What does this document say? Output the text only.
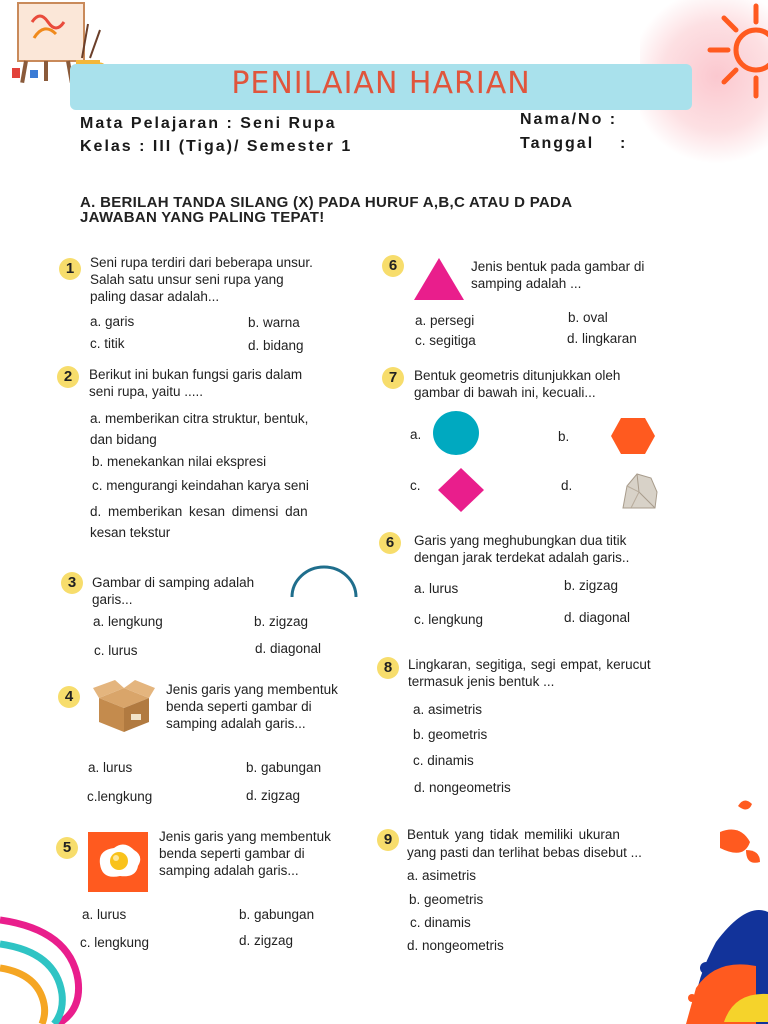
PENILAIAN HARIAN
Mata Pelajaran : Seni Rupa
Kelas : III (Tiga)/ Semester 1
Nama/No :
Tanggal :
A. BERILAH TANDA SILANG (X) PADA HURUF A,B,C ATAU D PADA
JAWABAN YANG PALING TEPAT!
1	Seni rupa terdiri dari beberapa unsur.
Salah satu unsur seni rupa yang
paling dasar adalah...
a. garis	b. warna
c. titik	d. bidang
2	Berikut ini bukan fungsi garis dalam
seni rupa, yaitu .....
a. memberikan citra struktur, bentuk,
dan bidang
b. menekankan nilai ekspresi
c. mengurangi keindahan karya seni
d. memberikan kesan dimensi dan
kesan tekstur
3	Gambar di samping adalah
garis...
a. lengkung	b. zigzag
c. lurus	d. diagonal
4	Jenis garis yang membentuk
benda seperti gambar di
samping adalah garis...
a. lurus	b. gabungan
c.lengkung	d. zigzag
5
Jenis garis yang membentuk
benda seperti gambar di
samping adalah garis...
a. lurus	b. gabungan
c. lengkung	d. zigzag
6	Jenis bentuk pada gambar di
samping adalah ...
a. persegi	b. oval
c. segitiga	d. lingkaran
7	Bentuk geometris ditunjukkan oleh
gambar di bawah ini, kecuali...
a.	b.
c.	d.
6	Garis yang meghubungkan dua titik
dengan jarak terdekat adalah garis..
a. lurus	b. zigzag
c. lengkung	d. diagonal
8	Lingkaran, segitiga, segi empat, kerucut
termasuk jenis bentuk ...
a. asimetris
b. geometris
c. dinamis
d. nongeometris
9	Bentuk yang tidak memiliki ukuran
yang pasti dan terlihat bebas disebut ...
a. asimetris
b. geometris
c. dinamis
d. nongeometris
